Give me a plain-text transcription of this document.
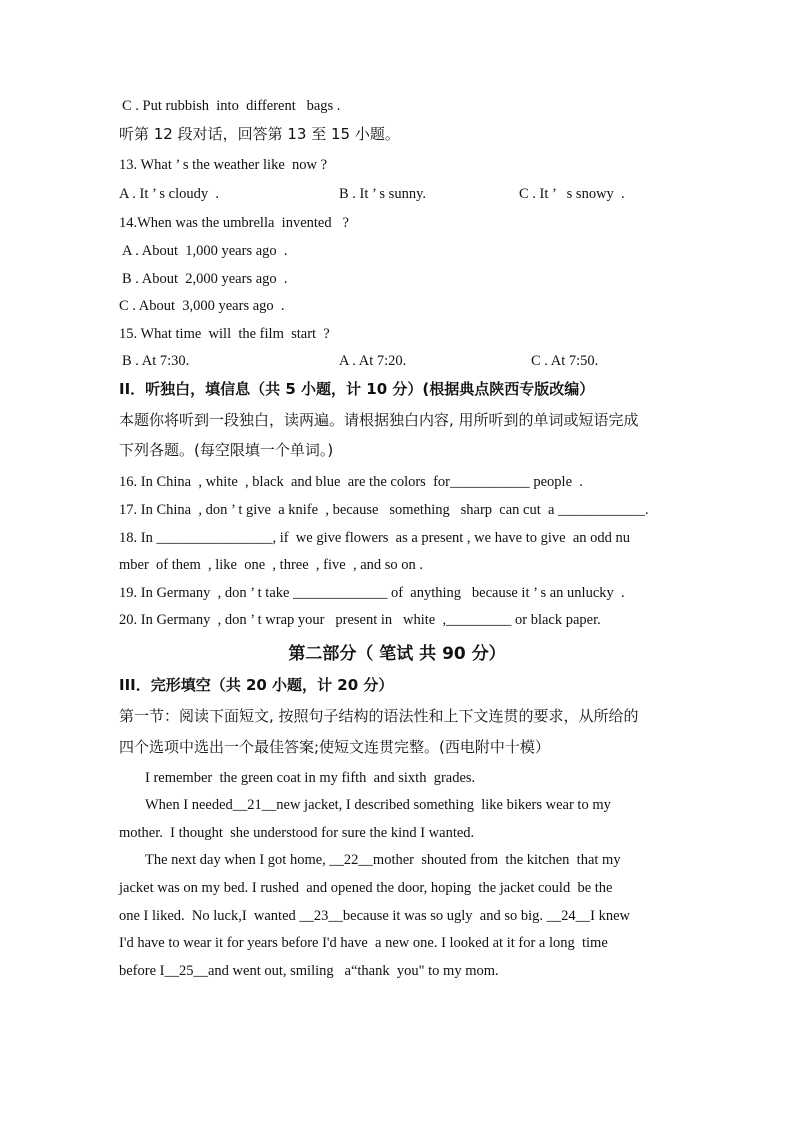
C . Put rubbish  into  different   bags .
听第 12 段对话，回答第 13 至 15 小题。
13. What ’ s the weather like  now ?
A . It ’ s cloudy  .	B . It ’ s sunny.	C . It ’   s snowy  .
14.When was the umbrella  invented   ?
A . About  1,000 years ago  .
B . About  2,000 years ago  .
C . About  3,000 years ago  .
15. What time  will  the film  start  ?
B . At 7:30.	A . At 7:20.	C . At 7:50.
II．听独白，填信息（共 5 小题，计 10 分）(根据典点陕西专版改编）
本题你将听到一段独白，读两遍。请根据独白内容, 用所听到的单词或短语完成
下列各题。(每空限填一个单词。)
16. In China  , white  , black  and blue  are the colors  for___________ people  .
17. In China  , don ’ t give  a knife  , because   something   sharp  can cut  a ____________.
18. In ________________, if  we give flowers  as a present , we have to give  an odd nu
mber  of them  , like  one  , three  , five  , and so on .
19. In Germany  , don ’ t take _____________ of  anything   because it ’ s an unlucky  .
20. In Germany  , don ’ t wrap your   present in   white  ,_________ or black paper.
第二部分（ 笔试 共 90 分）
III．完形填空（共 20 小题，计 20 分）
第一节：阅读下面短文, 按照句子结构的语法性和上下文连贯的要求，从所给的
四个选项中选出一个最佳答案;使短文连贯完整。(西电附中十模）
I remember  the green coat in my fifth  and sixth  grades.
When I needed__21__new jacket, I described something  like bikers wear to my
mother.  I thought  she understood for sure the kind I wanted.
The next day when I got home, __22__mother  shouted from  the kitchen  that my
jacket was on my bed. I rushed  and opened the door, hoping  the jacket could  be the
one I liked.  No luck,I  wanted __23__because it was so ugly  and so big. __24__I knew
I'd have to wear it for years before I'd have  a new one. I looked at it for a long  time
before I__25__and went out, smiling   a“thank  you" to my mom.
